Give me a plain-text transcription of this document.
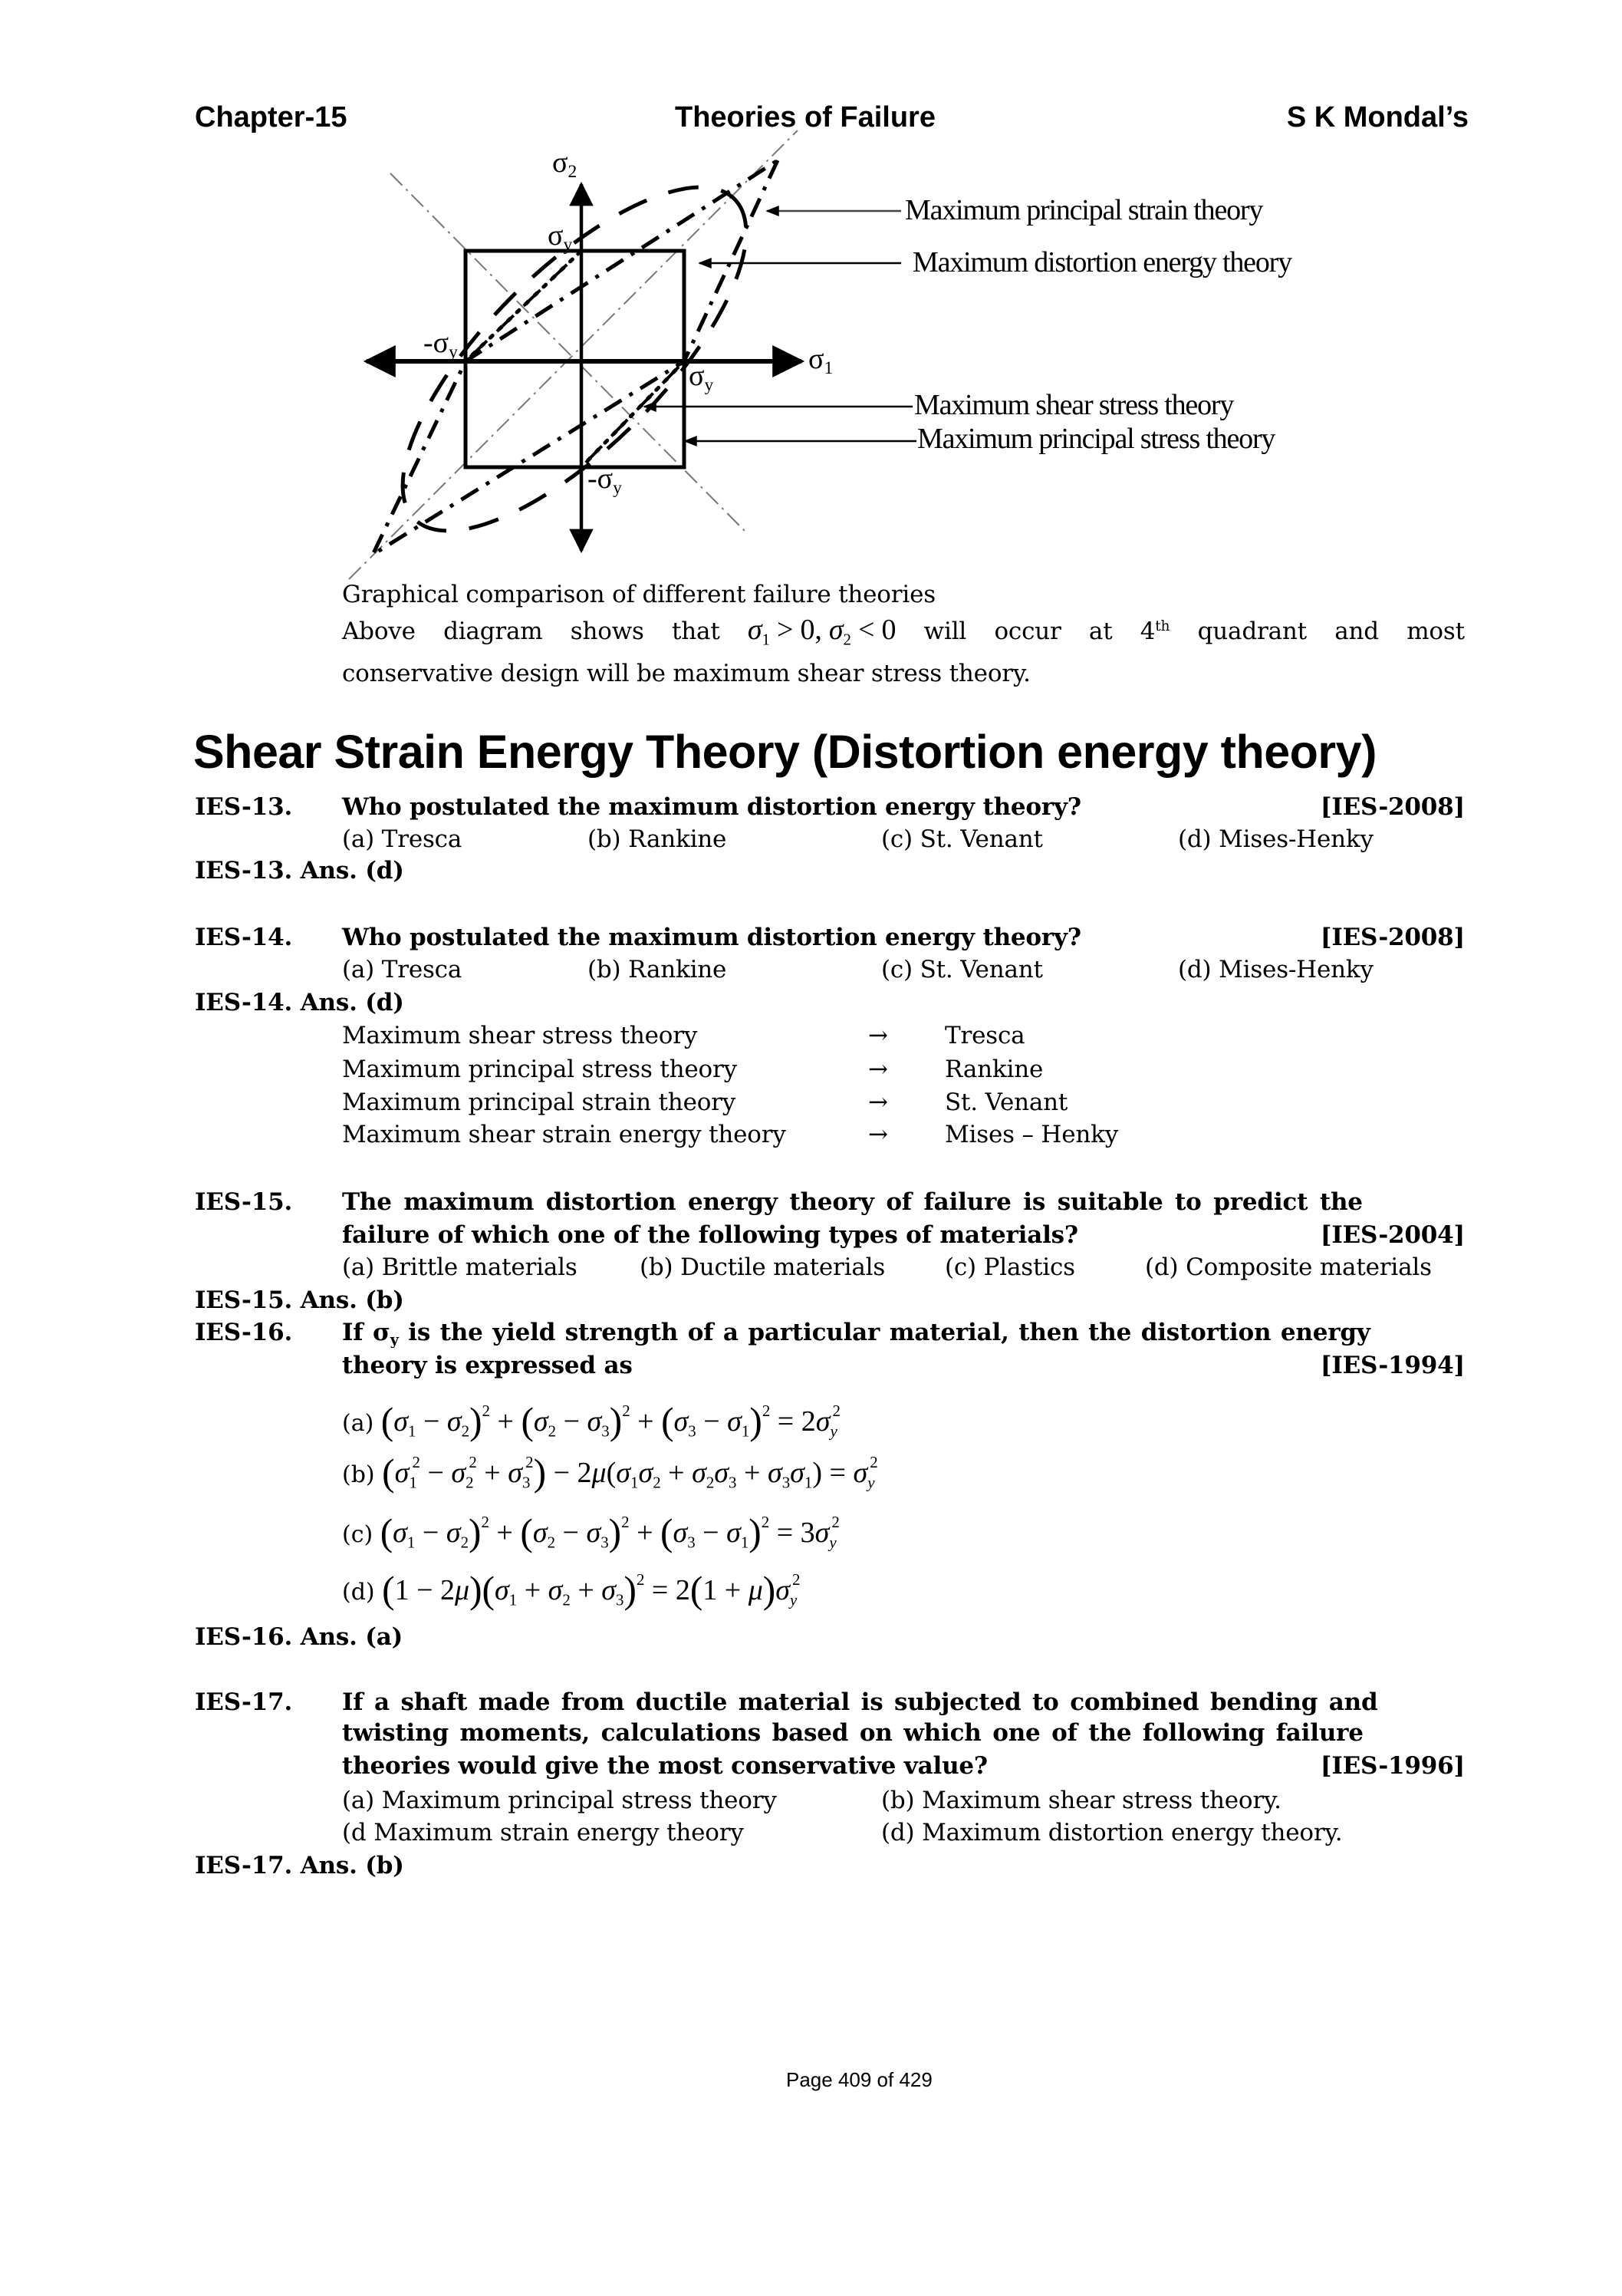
Chapter-15	Theories of Failure	S K Mondal’s
$\sigma_2$
$\sigma_1$
$\sigma_y$
$-\sigma_y$
$\sigma_y$
$-\sigma_y$
Maximum principal strain theory
Maximum distortion energy theory
Maximum shear stress theory
Maximum principal stress theory
Graphical comparison of different failure theories
Above diagram shows that $\sigma_1 > 0$, $\sigma_2 < 0$ will occur at 4th quadrant and most
conservative design will be maximum shear stress theory.
Shear Strain Energy Theory (Distortion energy theory)
IES-13. Who postulated the maximum distortion energy theory?	[IES-2008]
(a) Tresca	(b) Rankine	(c) St. Venant	(d) Mises-Henky
IES-13. Ans. (d)
IES-14. Who postulated the maximum distortion energy theory?	[IES-2008]
(a) Tresca	(b) Rankine	(c) St. Venant	(d) Mises-Henky
IES-14. Ans. (d)
Maximum shear stress theory	→ Tresca
Maximum principal stress theory	→ Rankine
Maximum principal strain theory	→ St. Venant
Maximum shear strain energy theory	→ Mises – Henky
IES-15. The maximum distortion energy theory of failure is suitable to predict the
failure of which one of the following types of materials?	[IES-2004]
(a) Brittle materials	(b) Ductile materials	(c) Plastics	(d) Composite materials
IES-15. Ans. (b)
IES-16. If $\sigma_y$ is the yield strength of a particular material, then the distortion energy
theory is expressed as	[IES-1994]
(a) $(\sigma_1 - \sigma_2)^2 + (\sigma_2 - \sigma_3)^2 + (\sigma_3 - \sigma_1)^2 = 2\sigma_y^2$
(b) $(\sigma_1^2 - \sigma_2^2 + \sigma_3^2) - 2\mu(\sigma_1\sigma_2 + \sigma_2\sigma_3 + \sigma_3\sigma_1) = \sigma_y^2$
(c) $(\sigma_1 - \sigma_2)^2 + (\sigma_2 - \sigma_3)^2 + (\sigma_3 - \sigma_1)^2 = 3\sigma_y^2$
(d) $(1 - 2\mu)(\sigma_1 + \sigma_2 + \sigma_3)^2 = 2(1 + \mu)\sigma_y^2$
IES-16. Ans. (a)
IES-17. If a shaft made from ductile material is subjected to combined bending and
twisting moments, calculations based on which one of the following failure
theories would give the most conservative value?	[IES-1996]
(a) Maximum principal stress theory	(b) Maximum shear stress theory.
(d Maximum strain energy theory	(d) Maximum distortion energy theory.
IES-17. Ans. (b)
Page 409 of 429
